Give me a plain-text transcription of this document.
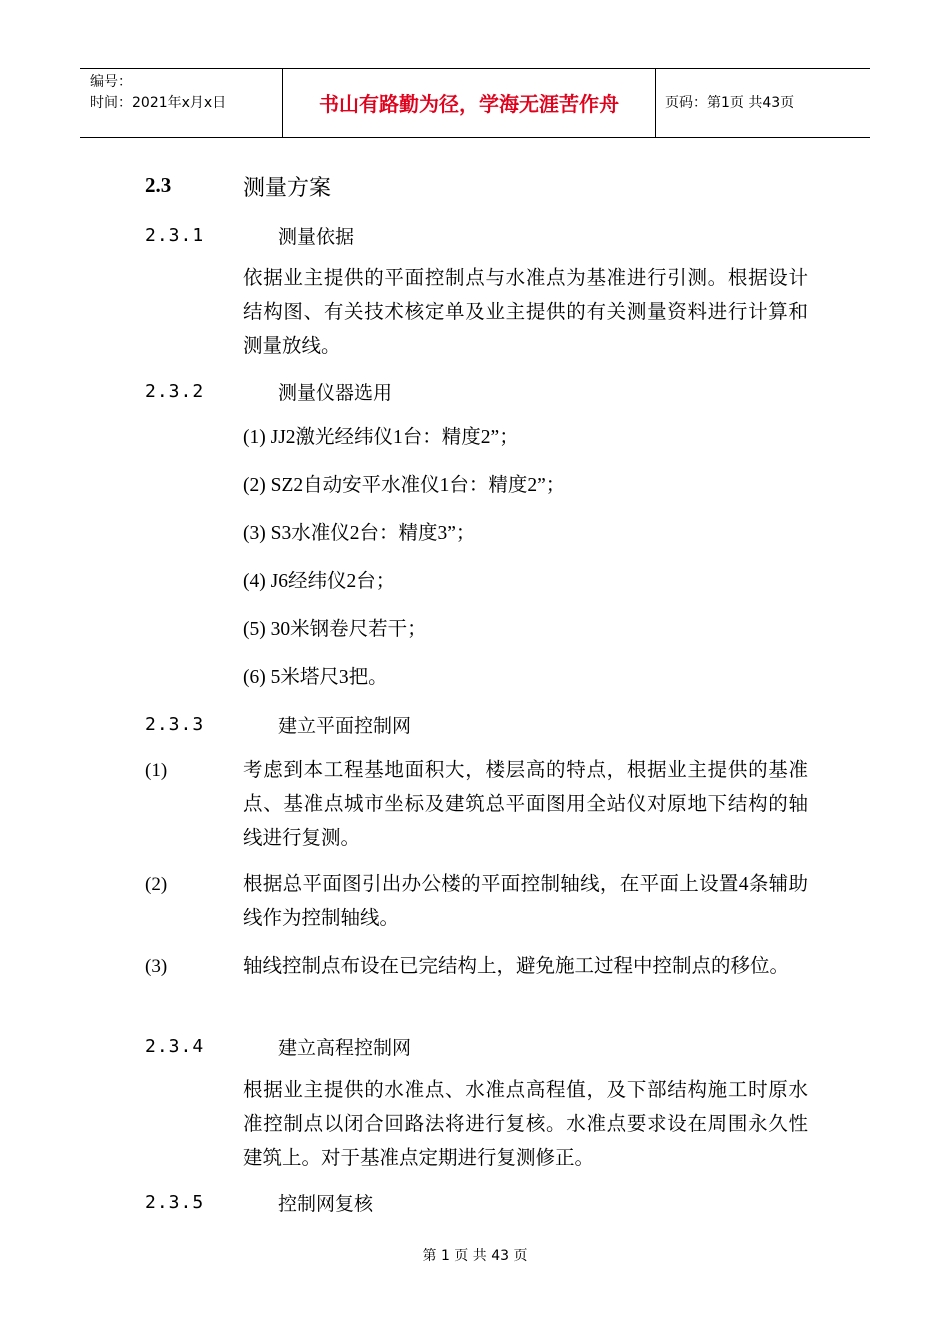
编号：
时间：2021年x月x日	书山有路勤为径，学海无涯苦作舟	页码：第1页 共43页
2.3	测量方案
2.3.1	测量依据
依据业主提供的平面控制点与水准点为基准进行引测。根据设计结构图、有关技术核定单及业主提供的有关测量资料进行计算和测量放线。
2.3.2	测量仪器选用
(1) JJ2激光经纬仪1台：精度2”；
(2) SZ2自动安平水准仪1台：精度2”；
(3) S3水准仪2台：精度3”；
(4) J6经纬仪2台；
(5) 30米钢卷尺若干；
(6) 5米塔尺3把。
2.3.3	建立平面控制网
(1)	考虑到本工程基地面积大，楼层高的特点，根据业主提供的基准点、基准点城市坐标及建筑总平面图用全站仪对原地下结构的轴线进行复测。
(2)	根据总平面图引出办公楼的平面控制轴线，在平面上设置4条辅助线作为控制轴线。
(3)	轴线控制点布设在已完结构上，避免施工过程中控制点的移位。
2.3.4	建立高程控制网
根据业主提供的水准点、水准点高程值，及下部结构施工时原水准控制点以闭合回路法将进行复核。水准点要求设在周围永久性建筑上。对于基准点定期进行复测修正。
2.3.5	控制网复核
第 1 页 共 43 页
